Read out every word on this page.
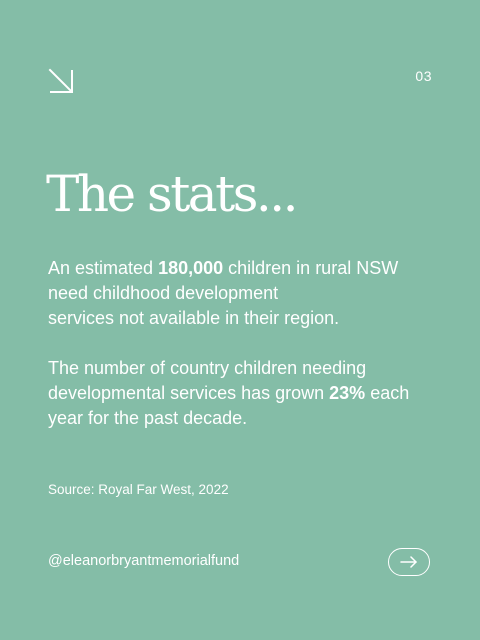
03
The stats...

An estimated 180,000 children in rural NSW
need childhood development
services not available in their region.

The number of country children needing
developmental services has grown 23% each
year for the past decade.

Source: Royal Far West, 2022
@eleanorbryantmemorialfund
